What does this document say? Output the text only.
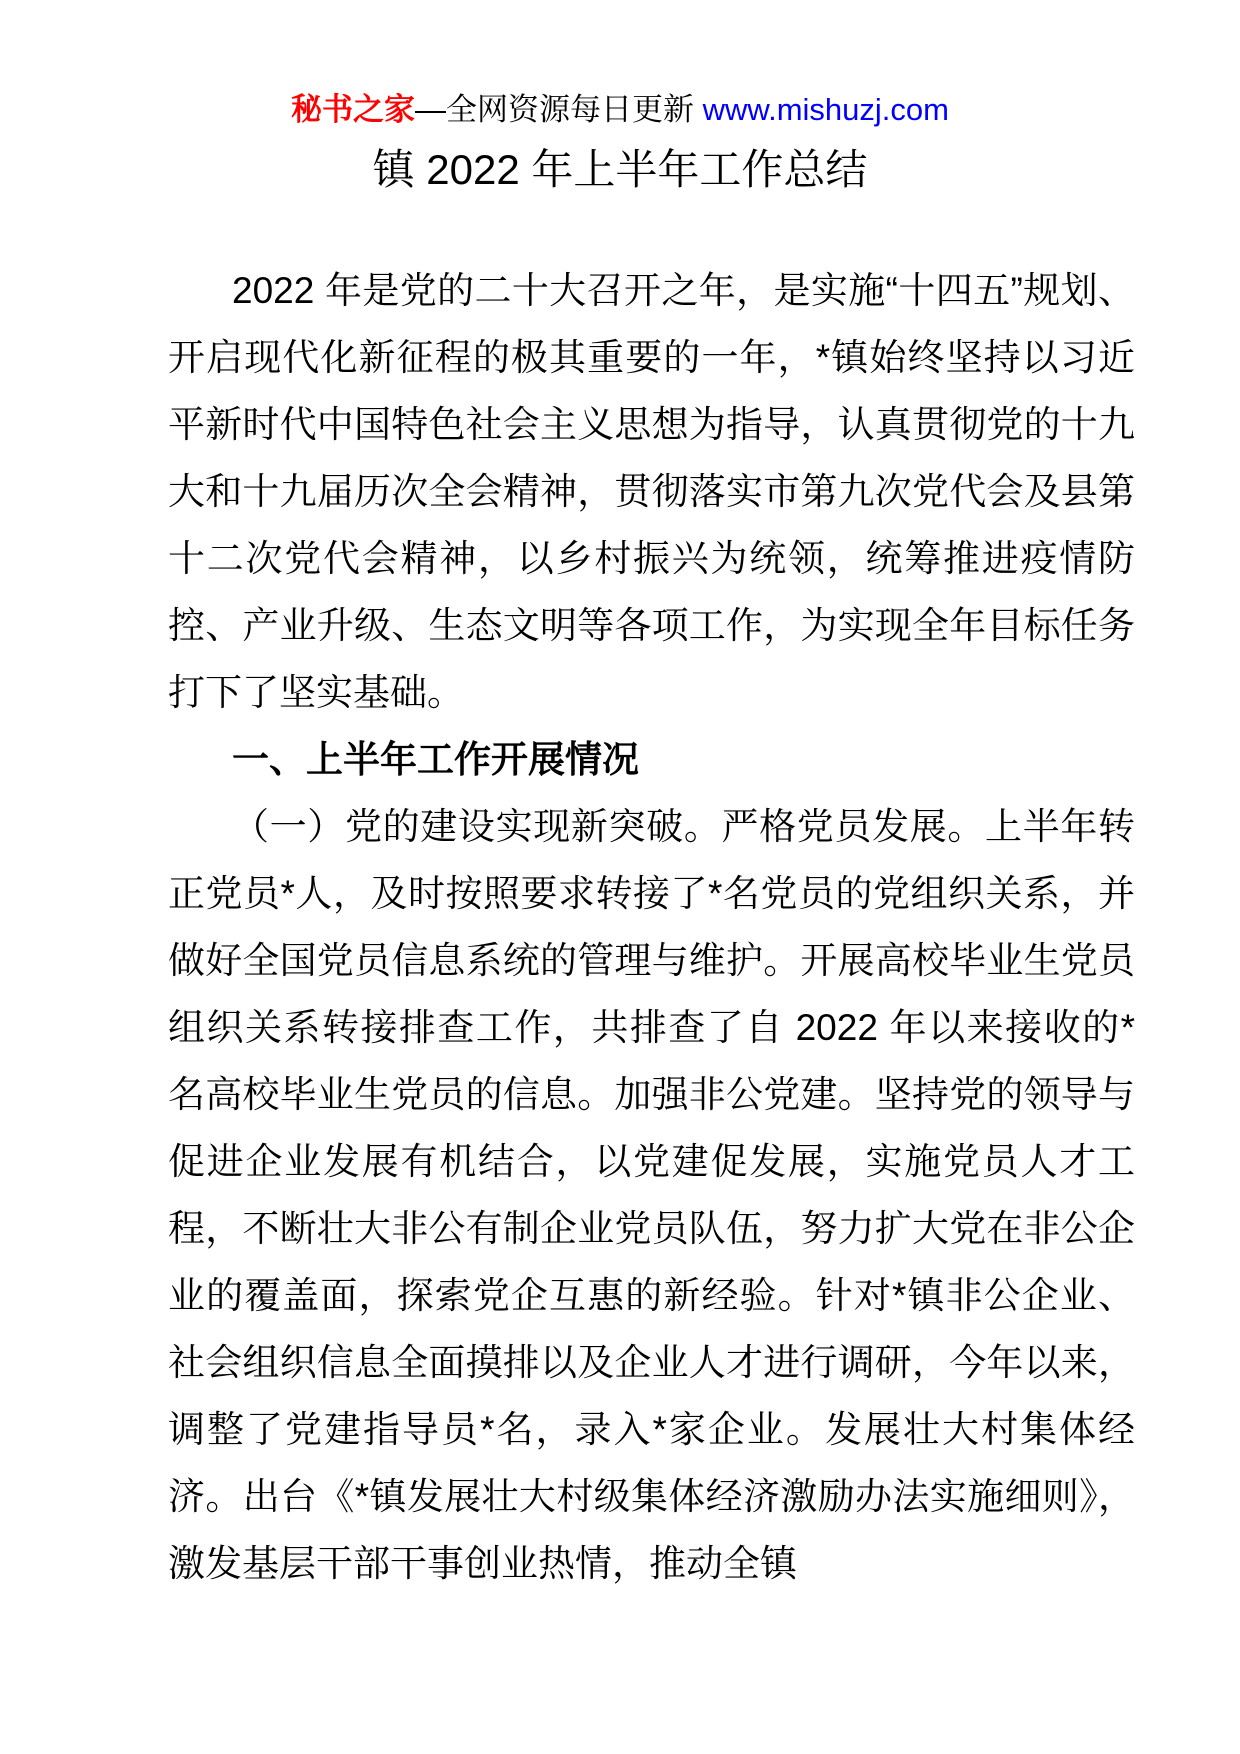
秘书之家—全网资源每日更新 www.mishuzj.com
镇 2022 年上半年工作总结

2022 年是党的二十大召开之年，是实施“十四五”规划、开启现代化新征程的极其重要的一年，*镇始终坚持以习近平新时代中国特色社会主义思想为指导，认真贯彻党的十九大和十九届历次全会精神，贯彻落实市第九次党代会及县第十二次党代会精神，以乡村振兴为统领，统筹推进疫情防控、产业升级、生态文明等各项工作，为实现全年目标任务打下了坚实基础。

一、上半年工作开展情况

（一）党的建设实现新突破。严格党员发展。上半年转正党员*人，及时按照要求转接了*名党员的党组织关系，并做好全国党员信息系统的管理与维护。开展高校毕业生党员组织关系转接排查工作，共排查了自 2022 年以来接收的*名高校毕业生党员的信息。加强非公党建。坚持党的领导与促进企业发展有机结合，以党建促发展，实施党员人才工程，不断壮大非公有制企业党员队伍，努力扩大党在非公企业的覆盖面，探索党企互惠的新经验。针对*镇非公企业、社会组织信息全面摸排以及企业人才进行调研，今年以来，调整了党建指导员*名，录入*家企业。发展壮大村集体经济。出台《*镇发展壮大村级集体经济激励办法实施细则》，激发基层干部干事创业热情，推动全镇
